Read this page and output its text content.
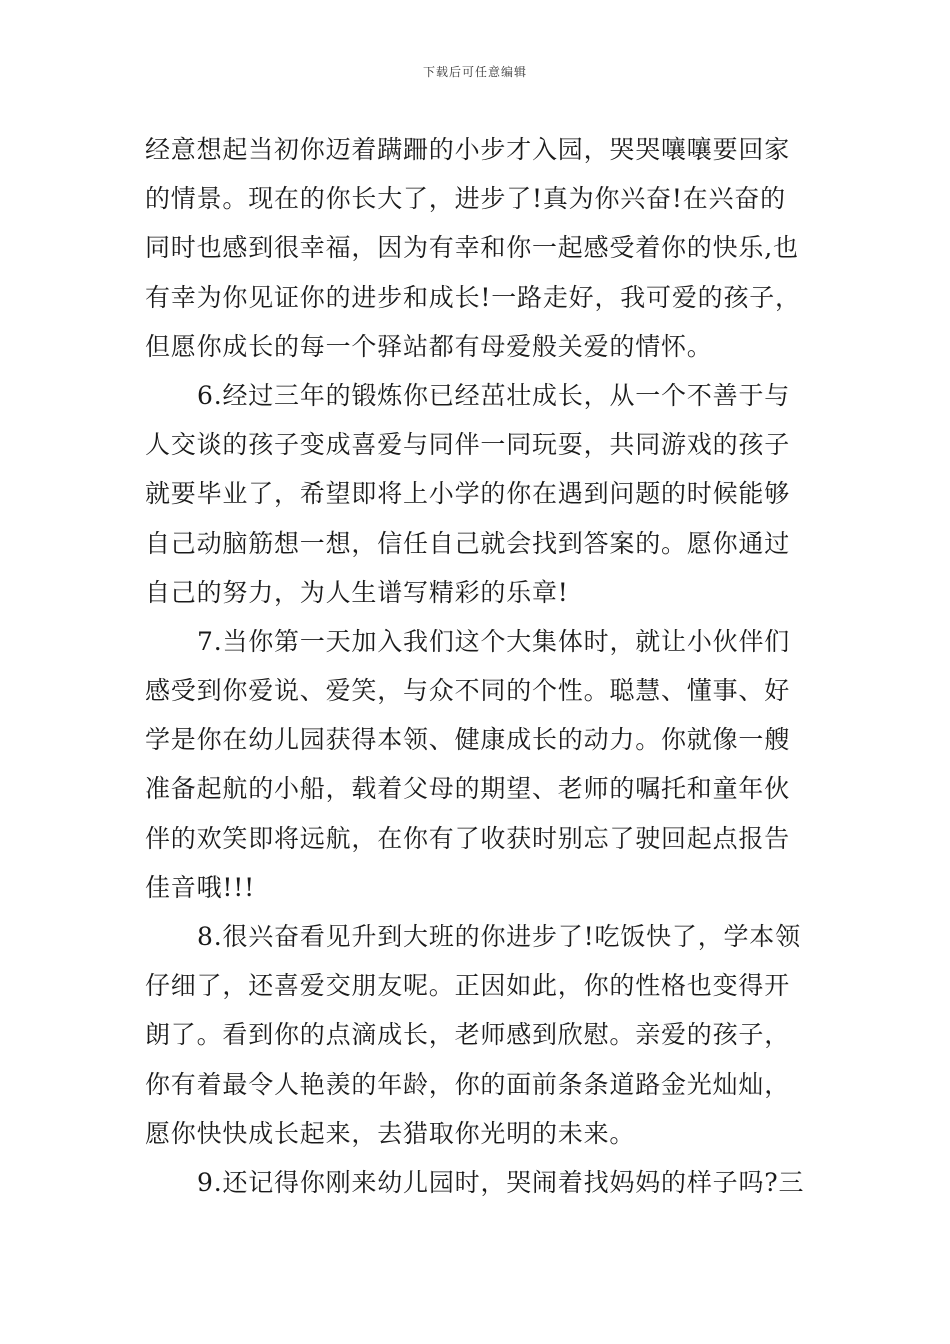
下载后可任意编辑
经意想起当初你迈着蹒跚的小步才入园，哭哭嚷嚷要回家
的情景。现在的你长大了，进步了!真为你兴奋!在兴奋的
同时也感到很幸福，因为有幸和你一起感受着你的快乐,也
有幸为你见证你的进步和成长!一路走好，我可爱的孩子，
但愿你成长的每一个驿站都有母爱般关爱的情怀。
6.经过三年的锻炼你已经茁壮成长，从一个不善于与
人交谈的孩子变成喜爱与同伴一同玩耍，共同游戏的孩子
就要毕业了，希望即将上小学的你在遇到问题的时候能够
自己动脑筋想一想，信任自己就会找到答案的。愿你通过
自己的努力，为人生谱写精彩的乐章!
7.当你第一天加入我们这个大集体时，就让小伙伴们
感受到你爱说、爱笑，与众不同的个性。聪慧、懂事、好
学是你在幼儿园获得本领、健康成长的动力。你就像一艘
准备起航的小船，载着父母的期望、老师的嘱托和童年伙
伴的欢笑即将远航，在你有了收获时别忘了驶回起点报告
佳音哦!!!
8.很兴奋看见升到大班的你进步了!吃饭快了，学本领
仔细了，还喜爱交朋友呢。正因如此，你的性格也变得开
朗了。看到你的点滴成长，老师感到欣慰。亲爱的孩子，
你有着最令人艳羡的年龄，你的面前条条道路金光灿灿，
愿你快快成长起来，去猎取你光明的未来。
9.还记得你刚来幼儿园时，哭闹着找妈妈的样子吗?三
